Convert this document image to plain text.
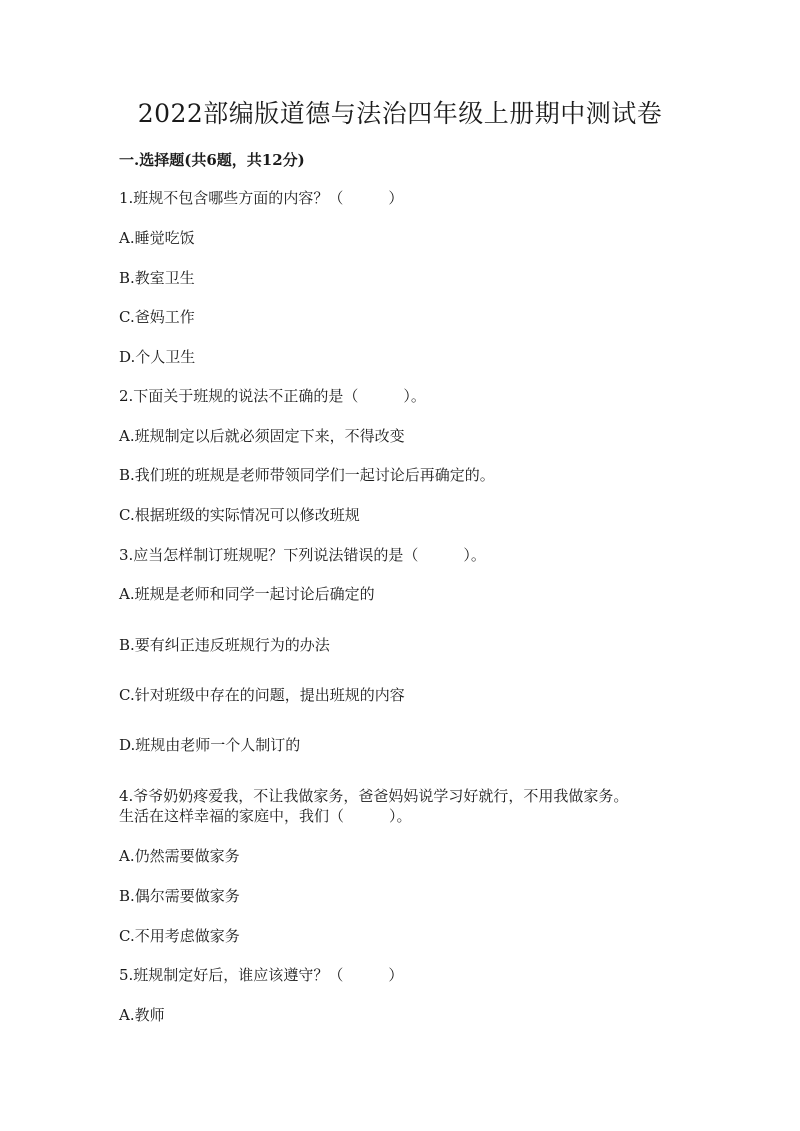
2022部编版道德与法治四年级上册期中测试卷
一.选择题(共6题，共12分)
1.班规不包含哪些方面的内容？（　　　）
A.睡觉吃饭
B.教室卫生
C.爸妈工作
D.个人卫生
2.下面关于班规的说法不正确的是（　　　）。
A.班规制定以后就必须固定下来，不得改变
B.我们班的班规是老师带领同学们一起讨论后再确定的。
C.根据班级的实际情况可以修改班规
3.应当怎样制订班规呢？下列说法错误的是（　　　）。
A.班规是老师和同学一起讨论后确定的
B.要有纠正违反班规行为的办法
C.针对班级中存在的问题，提出班规的内容
D.班规由老师一个人制订的
4.爷爷奶奶疼爱我，不让我做家务，爸爸妈妈说学习好就行，不用我做家务。
生活在这样幸福的家庭中，我们（　　　）。
A.仍然需要做家务
B.偶尔需要做家务
C.不用考虑做家务
5.班规制定好后，谁应该遵守？（　　　）
A.教师
